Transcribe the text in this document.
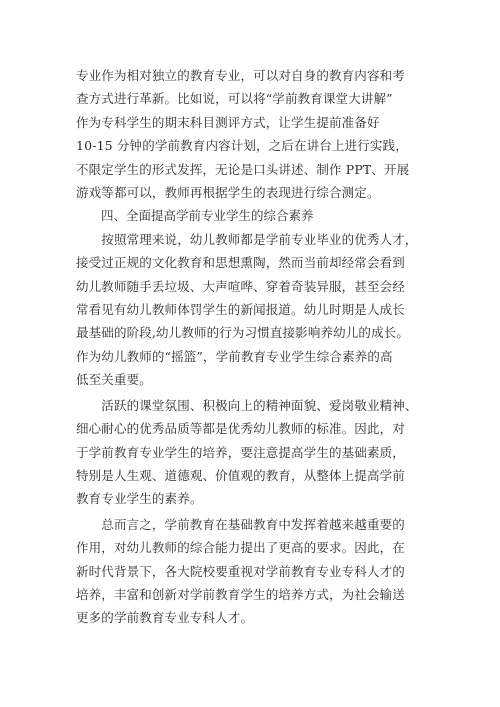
专业作为相对独立的教育专业，可以对自身的教育内容和考
查方式进行革新。比如说，可以将“学前教育课堂大讲解”
作为专科学生的期末科目测评方式，让学生提前准备好
10-15 分钟的学前教育内容计划，之后在讲台上进行实践，
不限定学生的形式发挥，无论是口头讲述、制作 PPT、开展
游戏等都可以，教师再根据学生的表现进行综合测定。

四、全面提高学前专业学生的综合素养

　　按照常理来说，幼儿教师都是学前专业毕业的优秀人才，
接受过正规的文化教育和思想熏陶，然而当前却经常会看到
幼儿教师随手丢垃圾、大声喧哗、穿着奇装异服，甚至会经
常看见有幼儿教师体罚学生的新闻报道。幼儿时期是人成长
最基础的阶段,幼儿教师的行为习惯直接影响养幼儿的成长。
作为幼儿教师的“摇篮”，学前教育专业学生综合素养的高
低至关重要。

　　活跃的课堂氛围、积极向上的精神面貌、爱岗敬业精神、
细心耐心的优秀品质等都是优秀幼儿教师的标准。因此，对
于学前教育专业学生的培养，要注意提高学生的基础素质，
特别是人生观、道德观、价值观的教育，从整体上提高学前
教育专业学生的素养。

　　总而言之，学前教育在基础教育中发挥着越来越重要的
作用，对幼儿教师的综合能力提出了更高的要求。因此，在
新时代背景下，各大院校要重视对学前教育专业专科人才的
培养，丰富和创新对学前教育学生的培养方式，为社会输送
更多的学前教育专业专科人才。
